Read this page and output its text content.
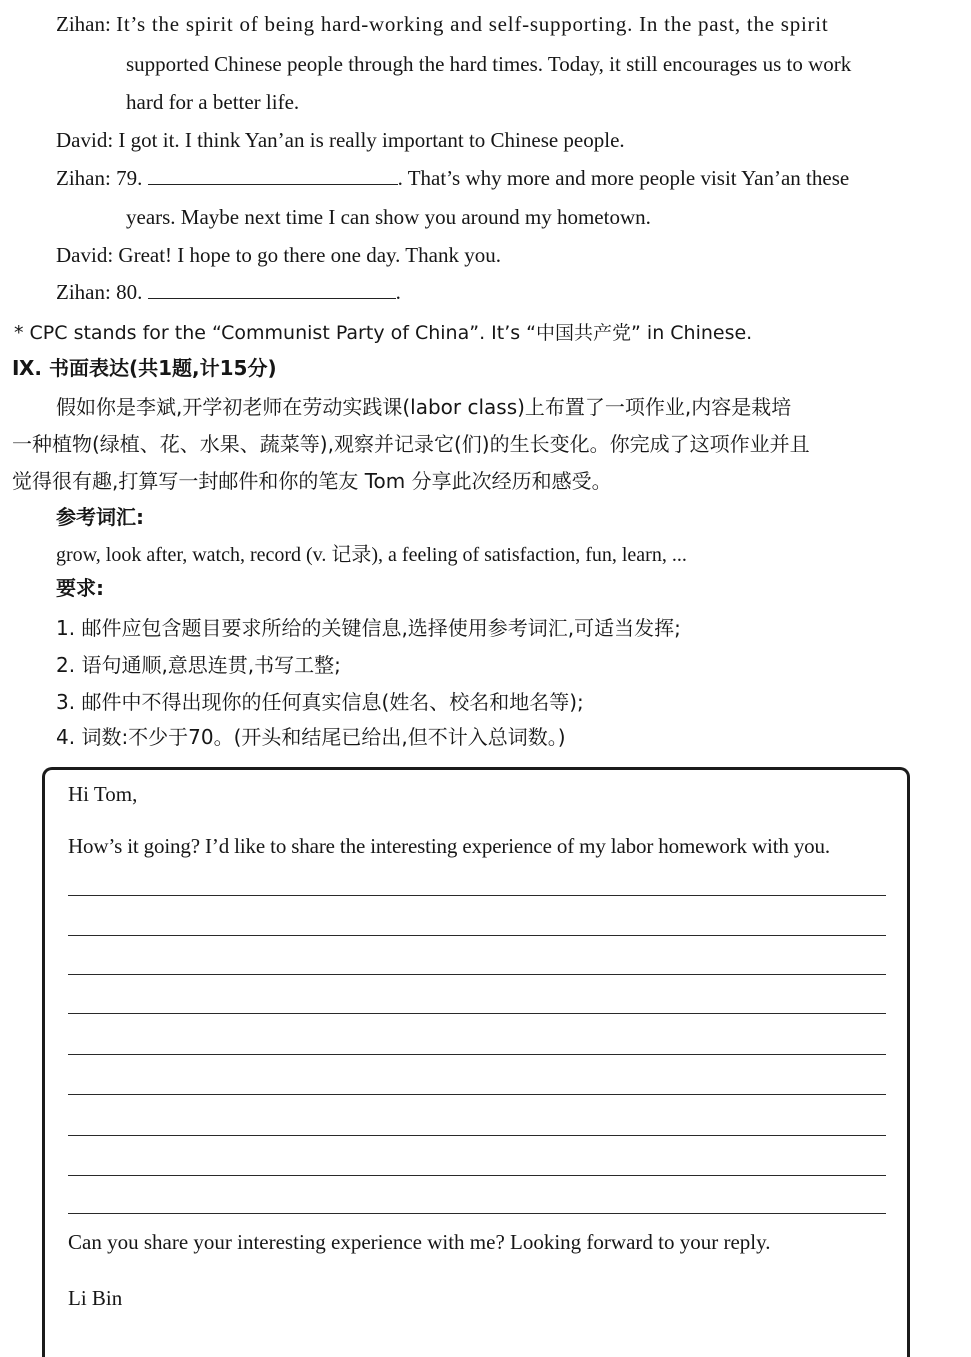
Zihan: It’s the spirit of being hard-working and self-supporting. In the past, the spirit
supported Chinese people through the hard times. Today, it still encourages us to work
hard for a better life.
David: I got it. I think Yan’an is really important to Chinese people.
Zihan: 79.	. That’s why more and more people visit Yan’an these
years. Maybe next time I can show you around my hometown.
David: Great! I hope to go there one day. Thank you.
Zihan: 80.	.
* CPC stands for the “Communist Party of China”. It’s “中国共产党” in Chinese.
Ⅸ. 书面表达(共1题,计15分)
假如你是李斌,开学初老师在劳动实践课(labor class)上布置了一项作业,内容是栽培
一种植物(绿植、花、水果、蔬菜等),观察并记录它(们)的生长变化。你完成了这项作业并且
觉得很有趣,打算写一封邮件和你的笔友 Tom 分享此次经历和感受。
参考词汇:
grow, look after, watch, record (v. 记录), a feeling of satisfaction, fun, learn, ...
要求:
1. 邮件应包含题目要求所给的关键信息,选择使用参考词汇,可适当发挥;
2. 语句通顺,意思连贯,书写工整;
3. 邮件中不得出现你的任何真实信息(姓名、校名和地名等);
4. 词数:不少于70。(开头和结尾已给出,但不计入总词数。)
Hi Tom,
How’s it going? I’d like to share the interesting experience of my labor homework with you.
Can you share your interesting experience with me? Looking forward to your reply.
Li Bin
